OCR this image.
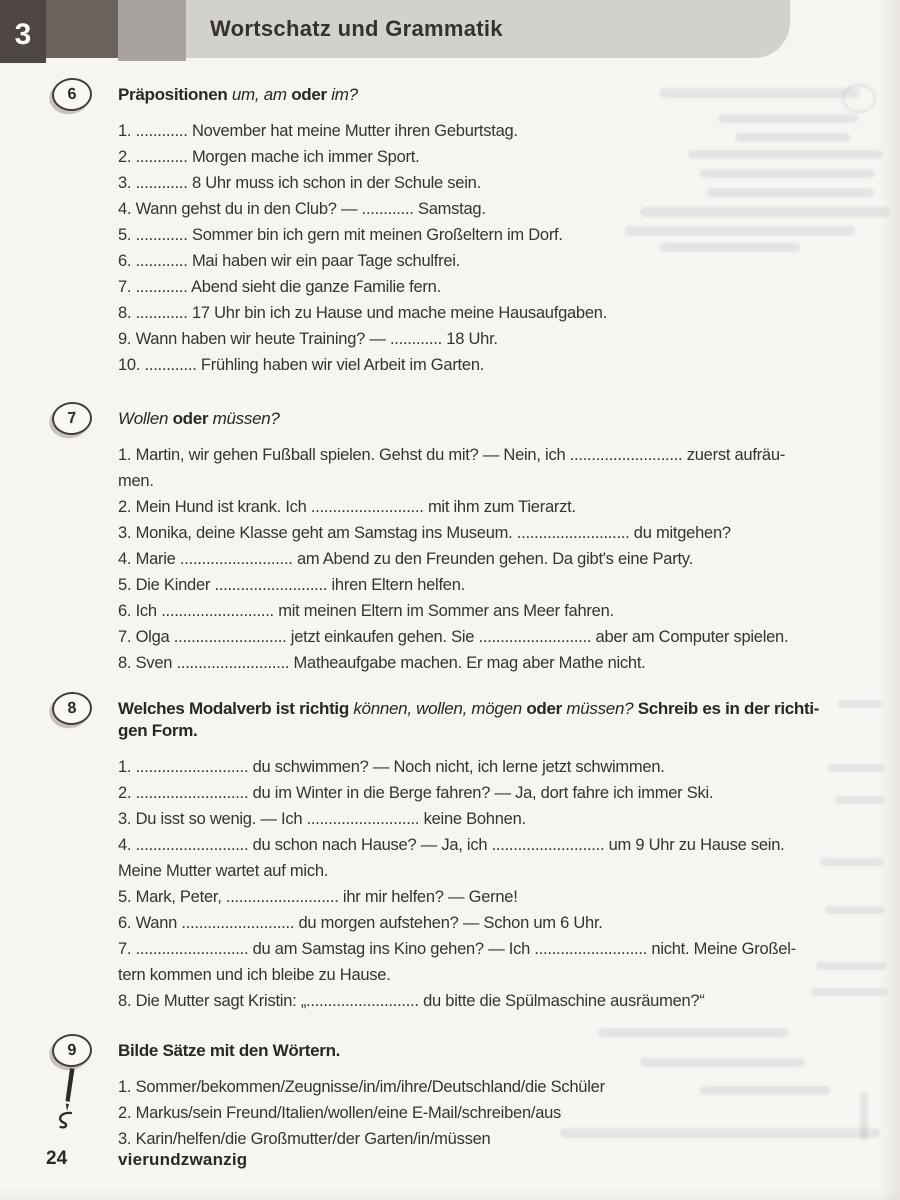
3	Wortschatz und Grammatik
6	Präpositionen um, am oder im?
1. ............ November hat meine Mutter ihren Geburtstag.
2. ............ Morgen mache ich immer Sport.
3. ............ 8 Uhr muss ich schon in der Schule sein.
4. Wann gehst du in den Club? — ............ Samstag.
5. ............ Sommer bin ich gern mit meinen Großeltern im Dorf.
6. ............ Mai haben wir ein paar Tage schulfrei.
7. ............ Abend sieht die ganze Familie fern.
8. ............ 17 Uhr bin ich zu Hause und mache meine Hausaufgaben.
9. Wann haben wir heute Training? — ............ 18 Uhr.
10. ............ Frühling haben wir viel Arbeit im Garten.
7	Wollen oder müssen?
1. Martin, wir gehen Fußball spielen. Gehst du mit? — Nein, ich .......................... zuerst aufräu-
men.
2. Mein Hund ist krank. Ich .......................... mit ihm zum Tierarzt.
3. Monika, deine Klasse geht am Samstag ins Museum. .......................... du mitgehen?
4. Marie .......................... am Abend zu den Freunden gehen. Da gibt's eine Party.
5. Die Kinder .......................... ihren Eltern helfen.
6. Ich .......................... mit meinen Eltern im Sommer ans Meer fahren.
7. Olga .......................... jetzt einkaufen gehen. Sie .......................... aber am Computer spielen.
8. Sven .......................... Matheaufgabe machen. Er mag aber Mathe nicht.
8	Welches Modalverb ist richtig können, wollen, mögen oder müssen? Schreib es in der richti-
gen Form.
1. .......................... du schwimmen? — Noch nicht, ich lerne jetzt schwimmen.
2. .......................... du im Winter in die Berge fahren? — Ja, dort fahre ich immer Ski.
3. Du isst so wenig. — Ich .......................... keine Bohnen.
4. .......................... du schon nach Hause? — Ja, ich .......................... um 9 Uhr zu Hause sein.
Meine Mutter wartet auf mich.
5. Mark, Peter, .......................... ihr mir helfen? — Gerne!
6. Wann .......................... du morgen aufstehen? — Schon um 6 Uhr.
7. .......................... du am Samstag ins Kino gehen? — Ich .......................... nicht. Meine Großel-
tern kommen und ich bleibe zu Hause.
8. Die Mutter sagt Kristin: „.......................... du bitte die Spülmaschine ausräumen?“
9	Bilde Sätze mit den Wörtern.
1. Sommer/bekommen/Zeugnisse/in/im/ihre/Deutschland/die Schüler
2. Markus/sein Freund/Italien/wollen/eine E-Mail/schreiben/aus
3. Karin/helfen/die Großmutter/der Garten/in/müssen
24	vierundzwanzig
